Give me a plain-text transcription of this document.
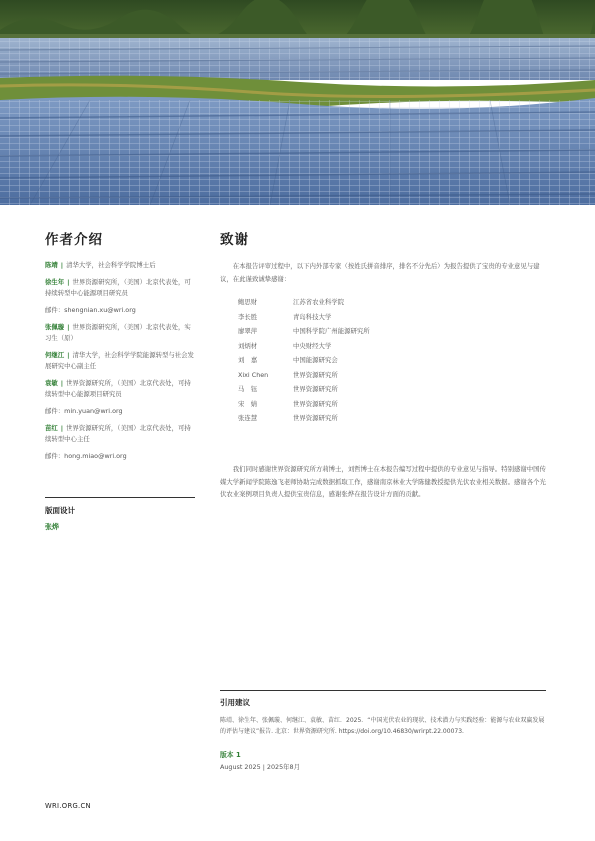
作者介绍
陈靖 | 清华大学，社会科学学院博士后
徐生年 | 世界资源研究所，（美国）北京代表处，可持续转型中心能源项目研究员
邮件：shengnian.xu@wri.org
张佩璇 | 世界资源研究所，（美国）北京代表处，实习生（原）
何继江 | 清华大学，社会科学学院能源转型与社会发展研究中心副主任
袁敏 | 世界资源研究所，（美国）北京代表处，可持续转型中心能源项目研究员
邮件：min.yuan@wri.org
苗红 | 世界资源研究所，（美国）北京代表处，可持续转型中心主任
邮件：hong.miao@wri.org
版面设计
张烨
致谢

在本报告评审过程中，以下内外部专家（按姓氏拼音排序，排名不分先后）为报告提供了宝贵的专业意见与建议，在此谨致诚挚感谢：

鲍思财	江苏省农业科学院
李长胜	青岛科技大学
廖翠萍	中国科学院广州能源研究所
刘炳材	中央财经大学
刘　嘉	中国能源研究会
Xixi Chen	世界资源研究所
马　钰	世界资源研究所
宋　婧	世界资源研究所
张连慧	世界资源研究所

我们同时感谢世界资源研究所方莉博士，刘哲博士在本报告编写过程中提供的专业意见与指导。特别感谢中国传媒大学新闻学院陈逸飞老师协助完成数据抓取工作，感谢南京林业大学陈健教授提供光伏农业相关数据。感谢各个光伏农业案例项目负责人提供宝贵信息，感谢张烨在报告设计方面的贡献。

引用建议
陈靖、徐生年、张佩璇、何继江、袁敏、苗红．2025．“中国光伏农业的现状、技术潜力与实践经验：能源与农业双赢发展的评估与建议”报告. 北京：世界资源研究所. https://doi.org/10.46830/wrirpt.22.00073.
版本 1
August 2025 | 2025年8月
WRI.ORG.CN
